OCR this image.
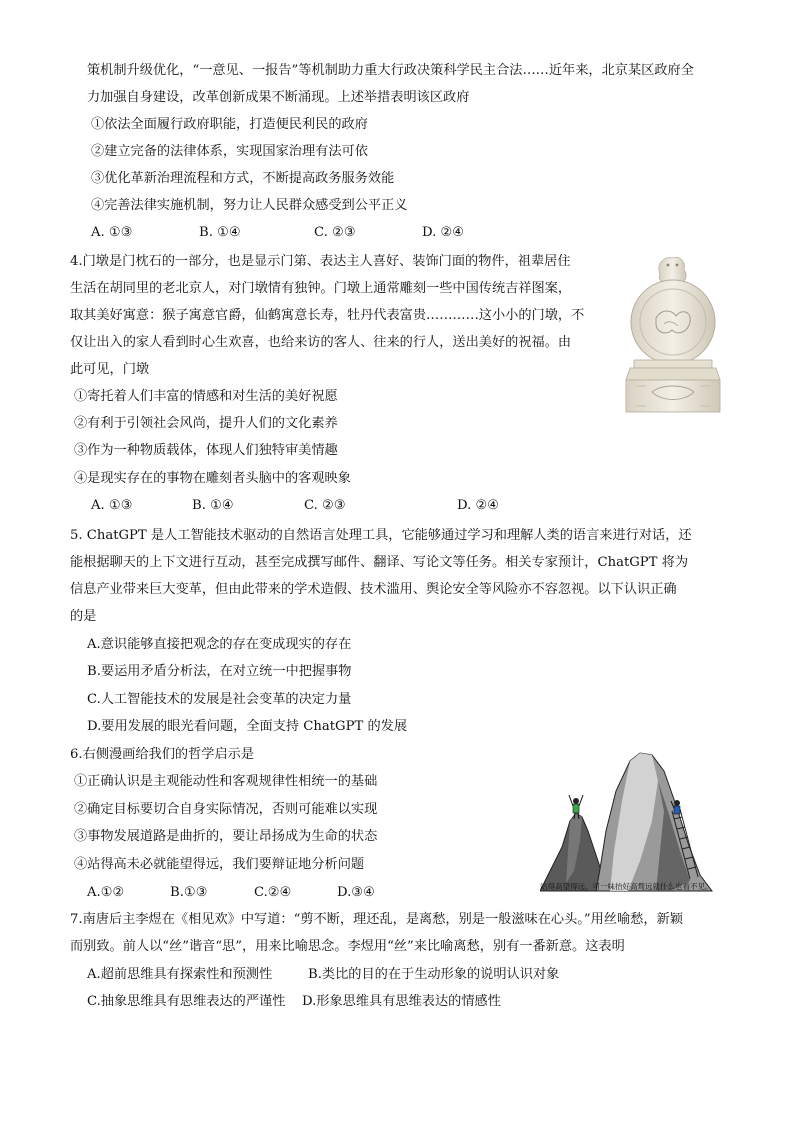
策机制升级优化，“一意见、一报告”等机制助力重大行政决策科学民主合法……近年来，北京某区政府全
力加强自身建设，改革创新成果不断涌现。上述举措表明该区政府
①依法全面履行政府职能，打造便民利民的政府
②建立完备的法律体系，实现国家治理有法可依
③优化革新治理流程和方式，不断提高政务服务效能
④完善法律实施机制，努力让人民群众感受到公平正义
A. ①③	B. ①④	C. ②③	D. ②④
4.门墩是门枕石的一部分，也是显示门第、表达主人喜好、装饰门面的物件，祖辈居住
生活在胡同里的老北京人，对门墩情有独钟。门墩上通常雕刻一些中国传统吉祥图案，
取其美好寓意：猴子寓意官爵，仙鹤寓意长寿，牡丹代表富贵…………这小小的门墩，不
仅让出入的家人看到时心生欢喜，也给来访的客人、往来的行人，送出美好的祝福。由
此可见，门墩
①寄托着人们丰富的情感和对生活的美好祝愿
②有利于引领社会风尚，提升人们的文化素养
③作为一种物质载体，体现人们独特审美情趣
④是现实存在的事物在雕刻者头脑中的客观映象
A. ①③	B. ①④	C. ②③	D. ②④
5. ChatGPT 是人工智能技术驱动的自然语言处理工具，它能够通过学习和理解人类的语言来进行对话，还
能根据聊天的上下文进行互动，甚至完成撰写邮件、翻译、写论文等任务。相关专家预计，ChatGPT 将为
信息产业带来巨大变革，但由此带来的学术造假、技术滥用、舆论安全等风险亦不容忽视。以下认识正确
的是
A.意识能够直接把观念的存在变成现实的存在
B.要运用矛盾分析法，在对立统一中把握事物
C.人工智能技术的发展是社会变革的决定力量
D.要用发展的眼光看问题，全面支持 ChatGPT 的发展
6.右侧漫画给我们的哲学启示是
①正确认识是主观能动性和客观规律性相统一的基础
②确定目标要切合自身实际情况，否则可能难以实现
③事物发展道路是曲折的，要让昂扬成为生命的状态
④站得高未必就能望得远，我们要辩证地分析问题
A.①②	B.①③	C.②④	D.③④	站得高望得远，可一味抬好高骛远就什么也看不见。
7.南唐后主李煜在《相见欢》中写道：“剪不断，理还乱，是离愁，别是一般滋味在心头。”用丝喻愁，新颖
而别致。前人以“丝”谐音“思”，用来比喻思念。李煜用“丝”来比喻离愁，别有一番新意。这表明
A.超前思维具有探索性和预测性	B.类比的目的在于生动形象的说明认识对象
C.抽象思维具有思维表达的严谨性 D.形象思维具有思维表达的情感性
